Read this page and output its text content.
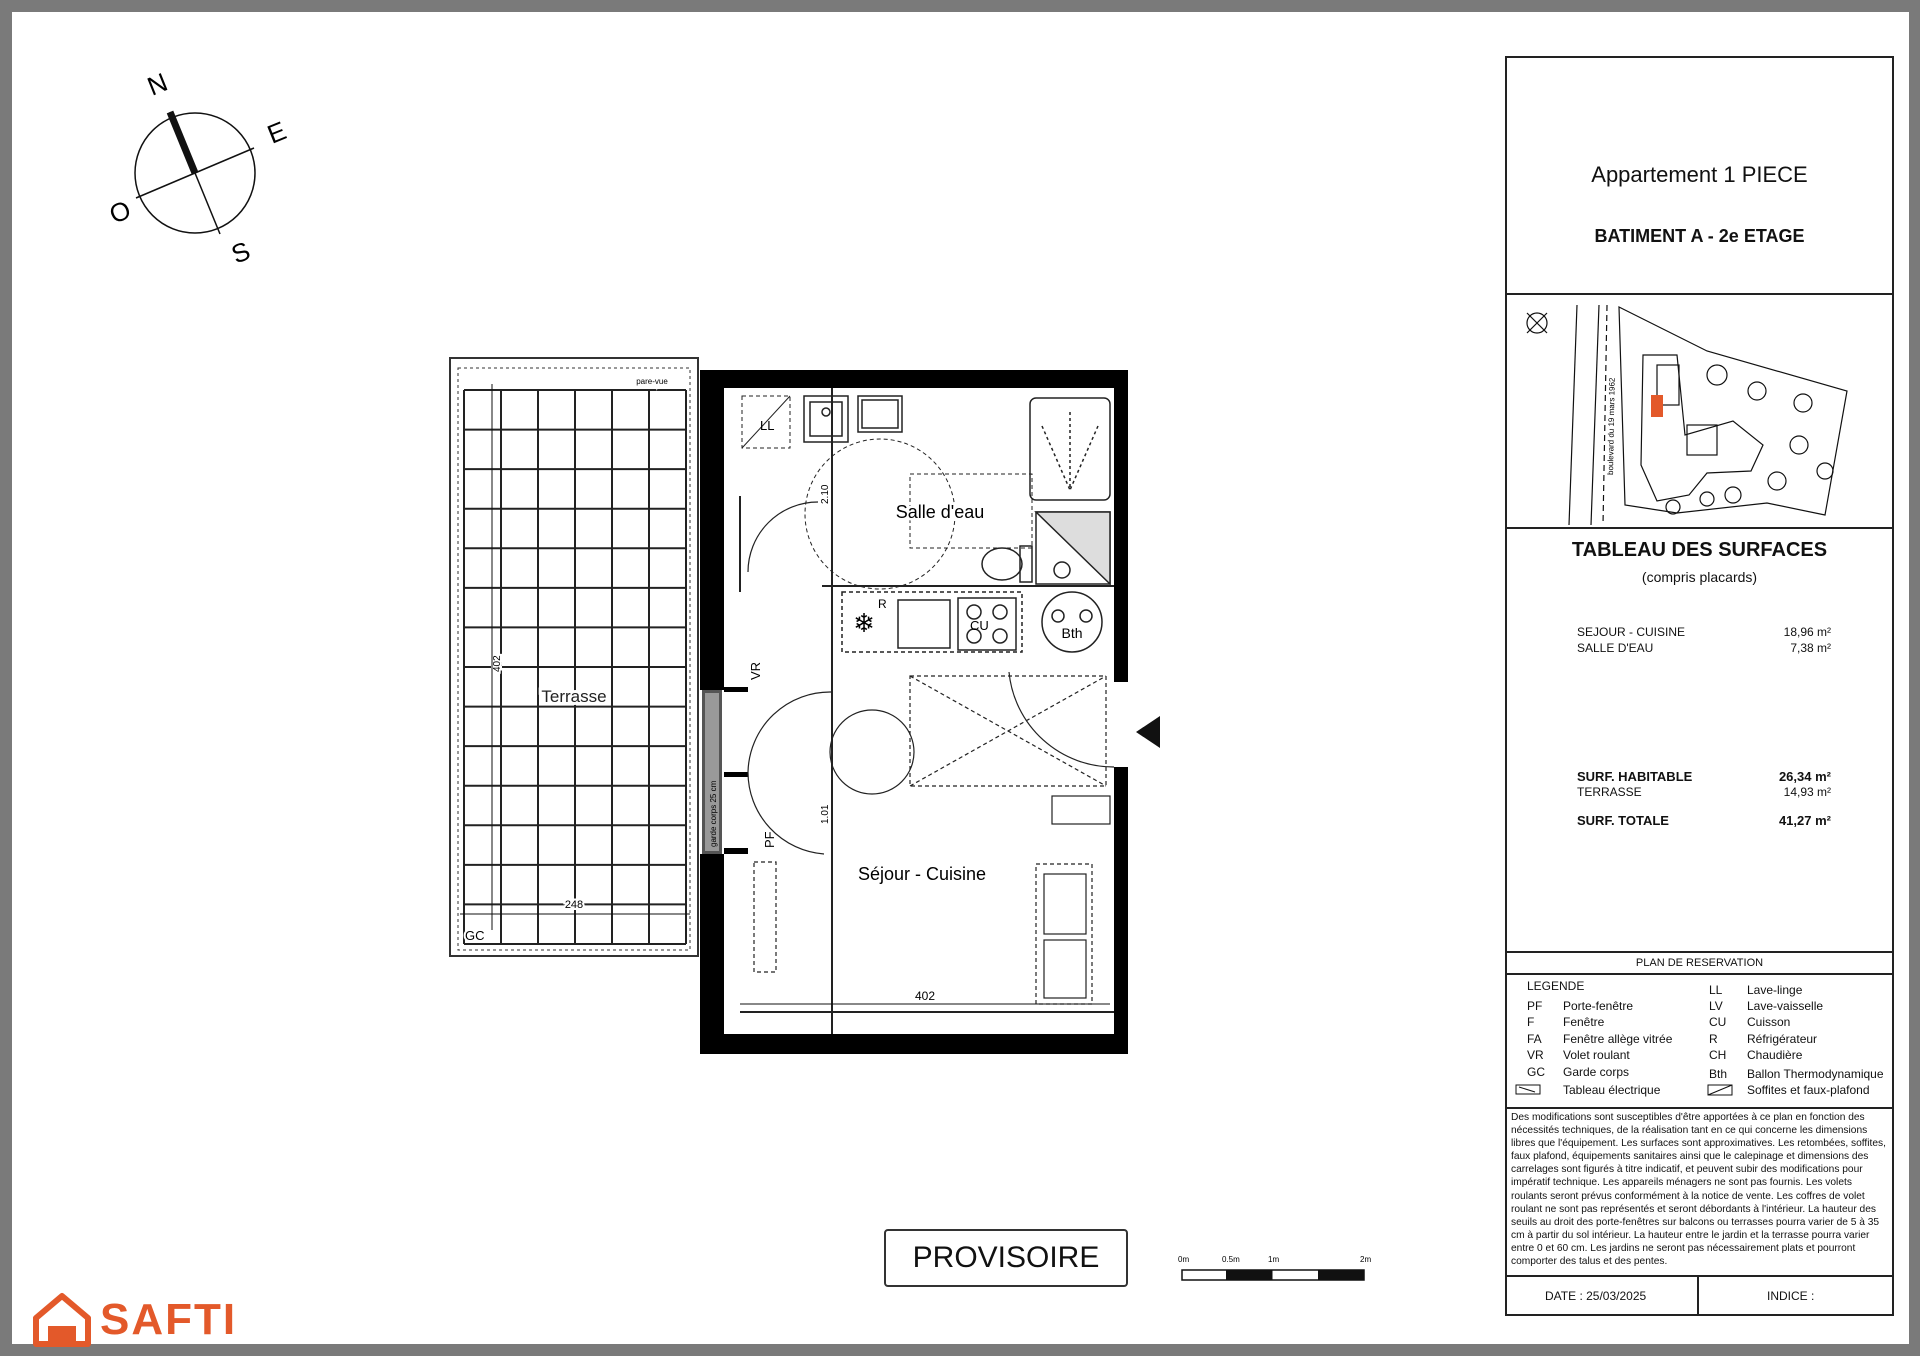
N
E
S
O
Terrasse
402
248
GC
pare-vue
garde corps 25 cm
LL
Salle d'eau
2.10
❄
R
CU	Bth
VR
PF
1.01
Séjour - Cuisine
402
0m	0.5m	1m	2m
PROVISOIRE
Appartement 1 PIECE
BATIMENT A - 2e ETAGE
boulevard du 19 mars 1962
TABLEAU DES SURFACES
(compris placards)
SEJOUR - CUISINE	18,96 m²
SALLE D'EAU	7,38 m²
SURF. HABITABLE	26,34 m²
TERRASSE	14,93 m²
SURF. TOTALE	41,27 m²
PLAN DE RESERVATION
LEGENDE
PF Porte-fenêtre
F Fenêtre
FA Fenêtre allège vitrée
VR Volet roulant
GC Garde corps
Tableau électrique
LL Lave-linge
LV Lave-vaisselle
CU Cuisson
R Réfrigérateur
CH Chaudière
Bth Ballon Thermodynamique
Soffites et faux-plafond
Des modifications sont susceptibles d'être apportées à ce plan en fonction des nécessités techniques, de la réalisation tant en ce qui concerne les dimensions libres que l'équipement. Les surfaces sont approximatives. Les retombées, soffites, faux plafond, équipements sanitaires ainsi que le calepinage et dimensions des carrelages sont figurés à titre indicatif, et peuvent subir des modifications pour impératif technique. Les appareils ménagers ne sont pas fournis. Les volets roulants seront prévus conformément à la notice de vente. Les coffres de volet roulant ne sont pas représentés et seront débordants à l'intérieur. La hauteur des seuils au droit des porte-fenêtres sur balcons ou terrasses pourra varier de 5 à 35 cm à partir du sol intérieur. La hauteur entre le jardin et la terrasse pourra varier entre 0 et 60 cm. Les jardins ne seront pas nécessairement plats et pourront comporter des talus et des pentes.
DATE : 25/03/2025	INDICE :
SAFTI
